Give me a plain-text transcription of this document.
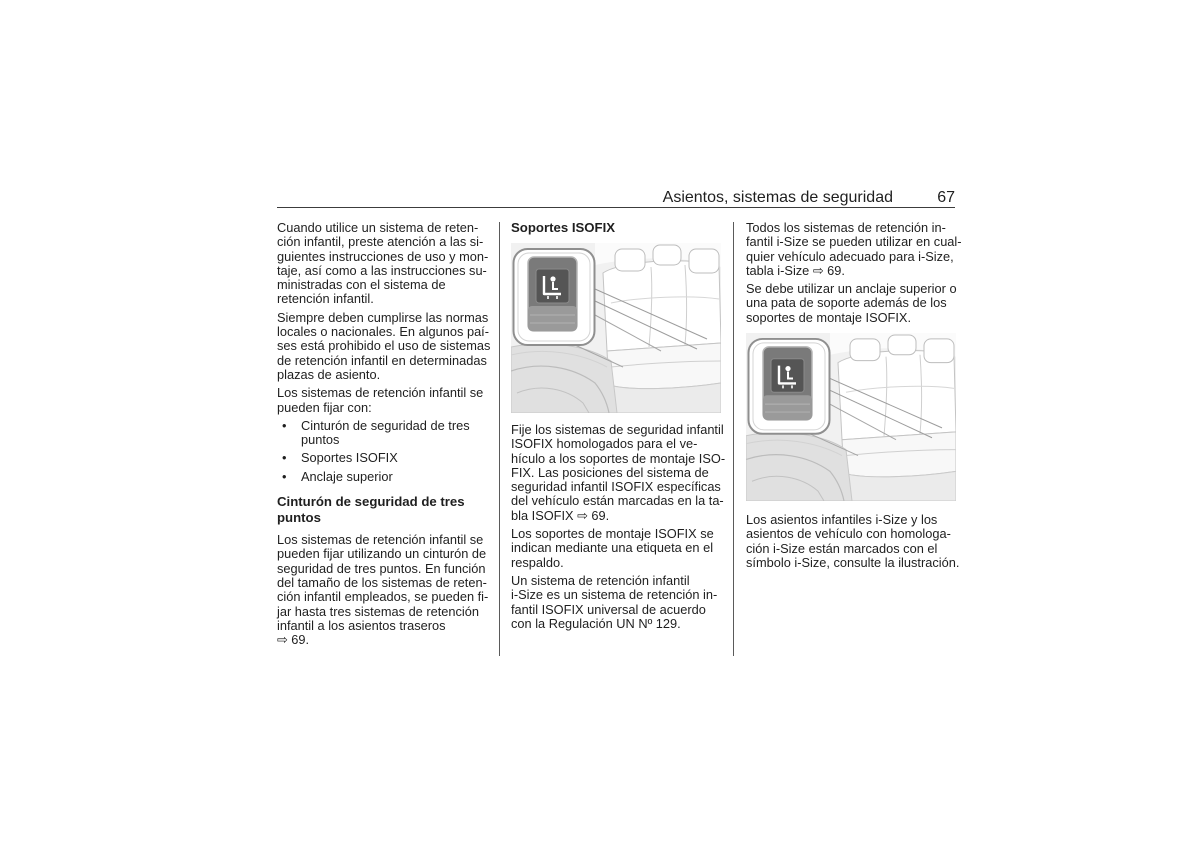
Asientos, sistemas de seguridad	67
Cuando utilice un sistema de reten-
ción infantil, preste atención a las si-
guientes instrucciones de uso y mon-
taje, así como a las instrucciones su-
ministradas con el sistema de
retención infantil.
Siempre deben cumplirse las normas
locales o nacionales. En algunos paí-
ses está prohibido el uso de sistemas
de retención infantil en determinadas
plazas de asiento.
Los sistemas de retención infantil se
pueden fijar con:
• Cinturón de seguridad de tres
puntos
• Soportes ISOFIX
• Anclaje superior
Cinturón de seguridad de tres
puntos
Los sistemas de retención infantil se
pueden fijar utilizando un cinturón de
seguridad de tres puntos. En función
del tamaño de los sistemas de reten-
ción infantil empleados, se pueden fi-
jar hasta tres sistemas de retención
infantil a los asientos traseros
⇨ 69.
Soportes ISOFIX
Fije los sistemas de seguridad infantil
ISOFIX homologados para el ve-
hículo a los soportes de montaje ISO-
FIX. Las posiciones del sistema de
seguridad infantil ISOFIX específicas
del vehículo están marcadas en la ta-
bla ISOFIX ⇨ 69.
Los soportes de montaje ISOFIX se
indican mediante una etiqueta en el
respaldo.
Un sistema de retención infantil
i-Size es un sistema de retención in-
fantil ISOFIX universal de acuerdo
con la Regulación UN Nº 129.
Todos los sistemas de retención in-
fantil i-Size se pueden utilizar en cual-
quier vehículo adecuado para i-Size,
tabla i-Size ⇨ 69.
Se debe utilizar un anclaje superior o
una pata de soporte además de los
soportes de montaje ISOFIX.
Los asientos infantiles i-Size y los
asientos de vehículo con homologa-
ción i-Size están marcados con el
símbolo i-Size, consulte la ilustración.
